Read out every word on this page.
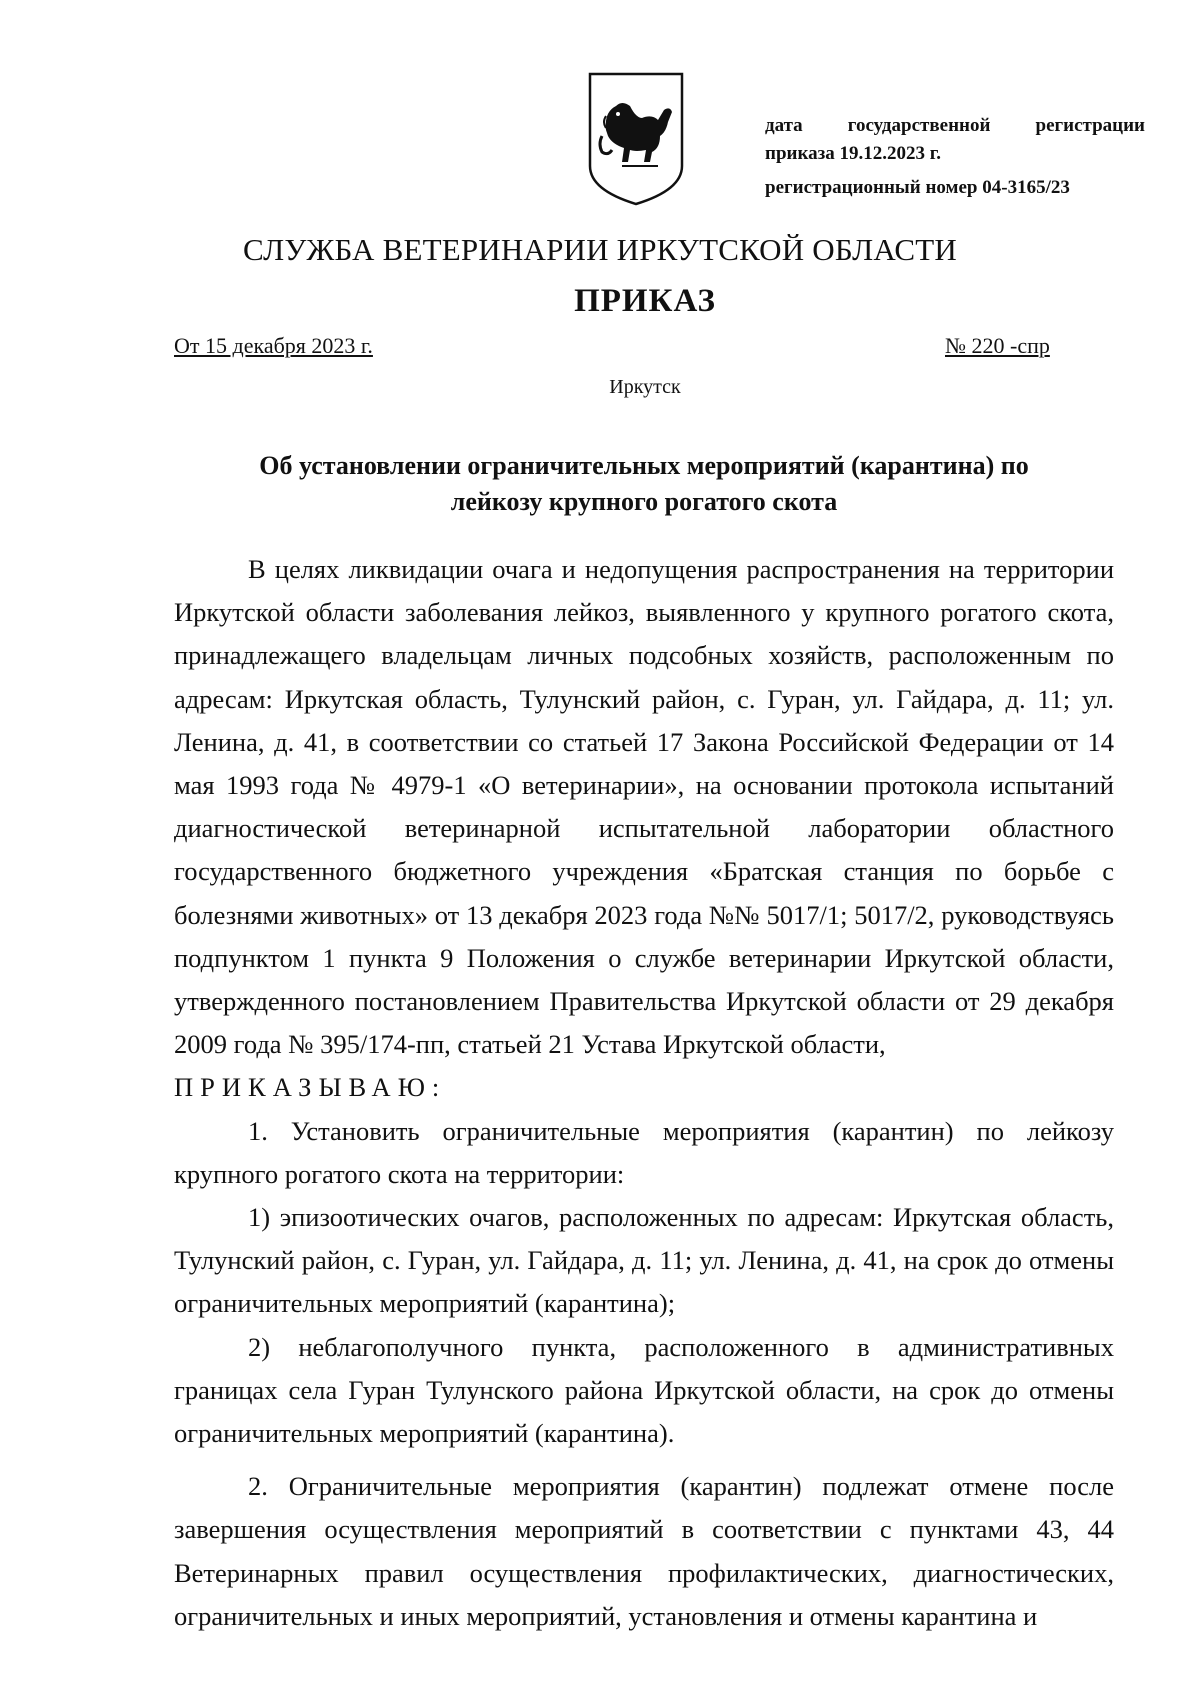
дата государственной регистрации
приказа 19.12.2023 г.
регистрационный номер 04-3165/23
СЛУЖБА ВЕТЕРИНАРИИ ИРКУТСКОЙ ОБЛАСТИ
ПРИКАЗ
От 15 декабря 2023 г.	№ 220 -спр
Иркутск
Об установлении ограничительных мероприятий (карантина) по
лейкозу крупного рогатого скота

В целях ликвидации очага и недопущения распространения на территории Иркутской области заболевания лейкоз, выявленного у крупного рогатого скота, принадлежащего владельцам личных подсобных хозяйств, расположенным по адресам: Иркутская область, Тулунский район, с. Гуран, ул. Гайдара, д. 11; ул. Ленина, д. 41, в соответствии со статьей 17 Закона Российской Федерации от 14 мая 1993 года № 4979-1 «О ветеринарии», на основании протокола испытаний диагностической ветеринарной испытательной лаборатории областного государственного бюджетного учреждения «Братская станция по борьбе с болезнями животных» от 13 декабря 2023 года №№ 5017/1; 5017/2, руководствуясь подпунктом 1 пункта 9 Положения о службе ветеринарии Иркутской области, утвержденного постановлением Правительства Иркутской области от 29 декабря 2009 года № 395/174-пп, статьей 21 Устава Иркутской области,

ПРИКАЗЫВАЮ:

1. Установить ограничительные мероприятия (карантин) по лейкозу крупного рогатого скота на территории:

1) эпизоотических очагов, расположенных по адресам: Иркутская область, Тулунский район, с. Гуран, ул. Гайдара, д. 11; ул. Ленина, д. 41, на срок до отмены ограничительных мероприятий (карантина);

2) неблагополучного пункта, расположенного в административных границах села Гуран Тулунского района Иркутской области, на срок до отмены ограничительных мероприятий (карантина).

2. Ограничительные мероприятия (карантин) подлежат отмене после завершения осуществления мероприятий в соответствии с пунктами 43, 44 Ветеринарных правил осуществления профилактических, диагностических, ограничительных и иных мероприятий, установления и отмены карантина и
